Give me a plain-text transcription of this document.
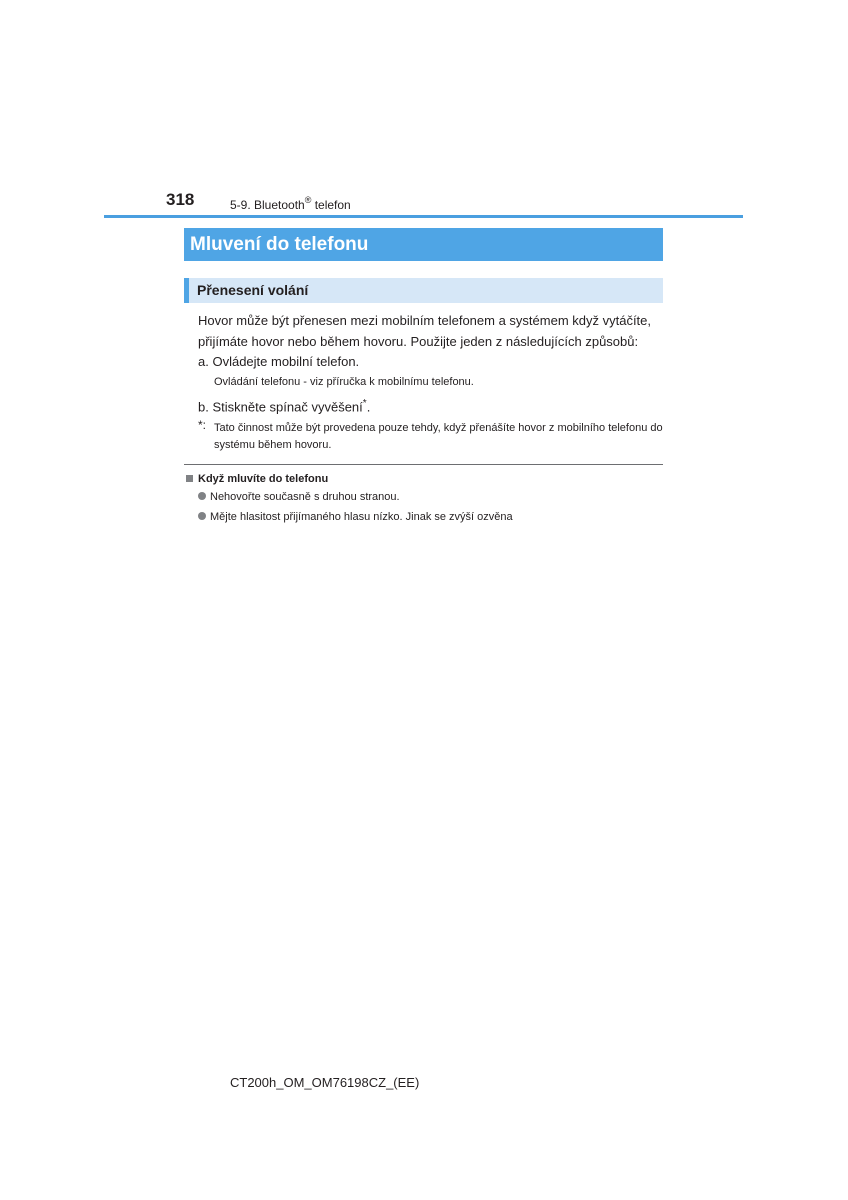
318	5-9. Bluetooth® telefon
Mluvení do telefonu
Přenesení volání
Hovor může být přenesen mezi mobilním telefonem a systémem když vytáčíte, přijímáte hovor nebo během hovoru. Použijte jeden z následujících způsobů:
a. Ovládejte mobilní telefon.
Ovládání telefonu - viz příručka k mobilnímu telefonu.
b. Stiskněte spínač vyvěšení*.
*: Tato činnost může být provedena pouze tehdy, když přenášíte hovor z mobilního telefonu do systému během hovoru.
Když mluvíte do telefonu
Nehovořte současně s druhou stranou.
Mějte hlasitost přijímaného hlasu nízko. Jinak se zvýší ozvěna
CT200h_OM_OM76198CZ_(EE)
